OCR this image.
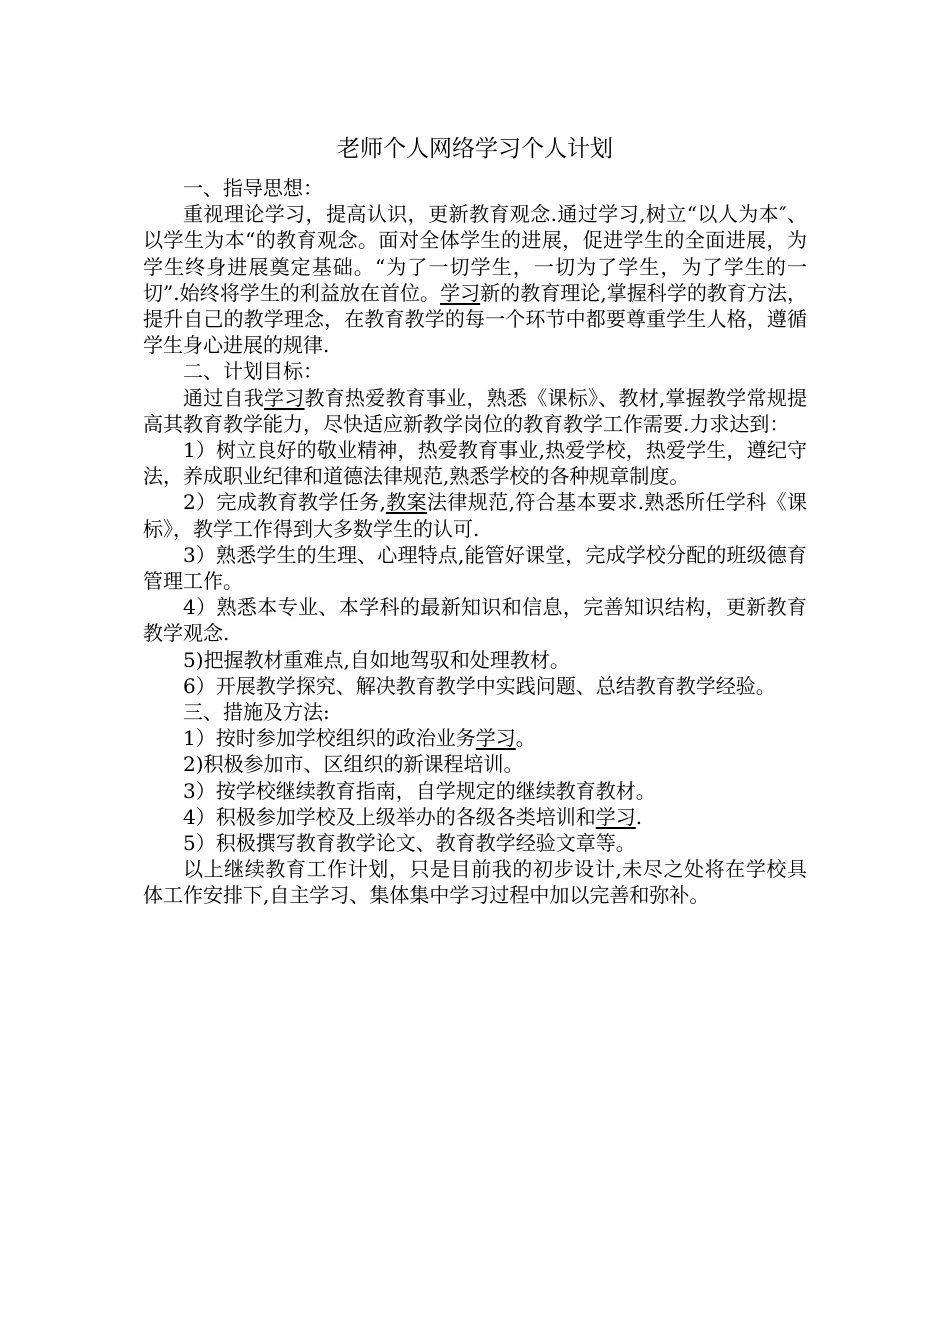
老师个人网络学习个人计划

一、指导思想：

重视理论学习，提高认识，更新教育观念.通过学习,树立“以人为本″、以学生为本“的教育观念。面对全体学生的进展，促进学生的全面进展，为学生终身进展奠定基础。“为了一切学生，一切为了学生，为了学生的一切”.始终将学生的利益放在首位。学习新的教育理论,掌握科学的教育方法，提升自己的教学理念，在教育教学的每一个环节中都要尊重学生人格，遵循学生身心进展的规律.

二、计划目标：

通过自我学习教育热爱教育事业，熟悉《课标》、教材,掌握教学常规提高其教育教学能力，尽快适应新教学岗位的教育教学工作需要.力求达到：

1）树立良好的敬业精神，热爱教育事业,热爱学校，热爱学生，遵纪守法，养成职业纪律和道德法律规范,熟悉学校的各种规章制度。

2）完成教育教学任务,教案法律规范,符合基本要求.熟悉所任学科《课标》，教学工作得到大多数学生的认可.

3）熟悉学生的生理、心理特点,能管好课堂，完成学校分配的班级德育管理工作。

4）熟悉本专业、本学科的最新知识和信息，完善知识结构，更新教育教学观念.

5)把握教材重难点,自如地驾驭和处理教材。

6）开展教学探究、解决教育教学中实践问题、总结教育教学经验。

三、措施及方法:

1）按时参加学校组织的政治业务学习。

2)积极参加市、区组织的新课程培训。

3）按学校继续教育指南，自学规定的继续教育教材。

4）积极参加学校及上级举办的各级各类培训和学习.

5）积极撰写教育教学论文、教育教学经验文章等。

以上继续教育工作计划，只是目前我的初步设计,未尽之处将在学校具体工作安排下,自主学习、集体集中学习过程中加以完善和弥补。
